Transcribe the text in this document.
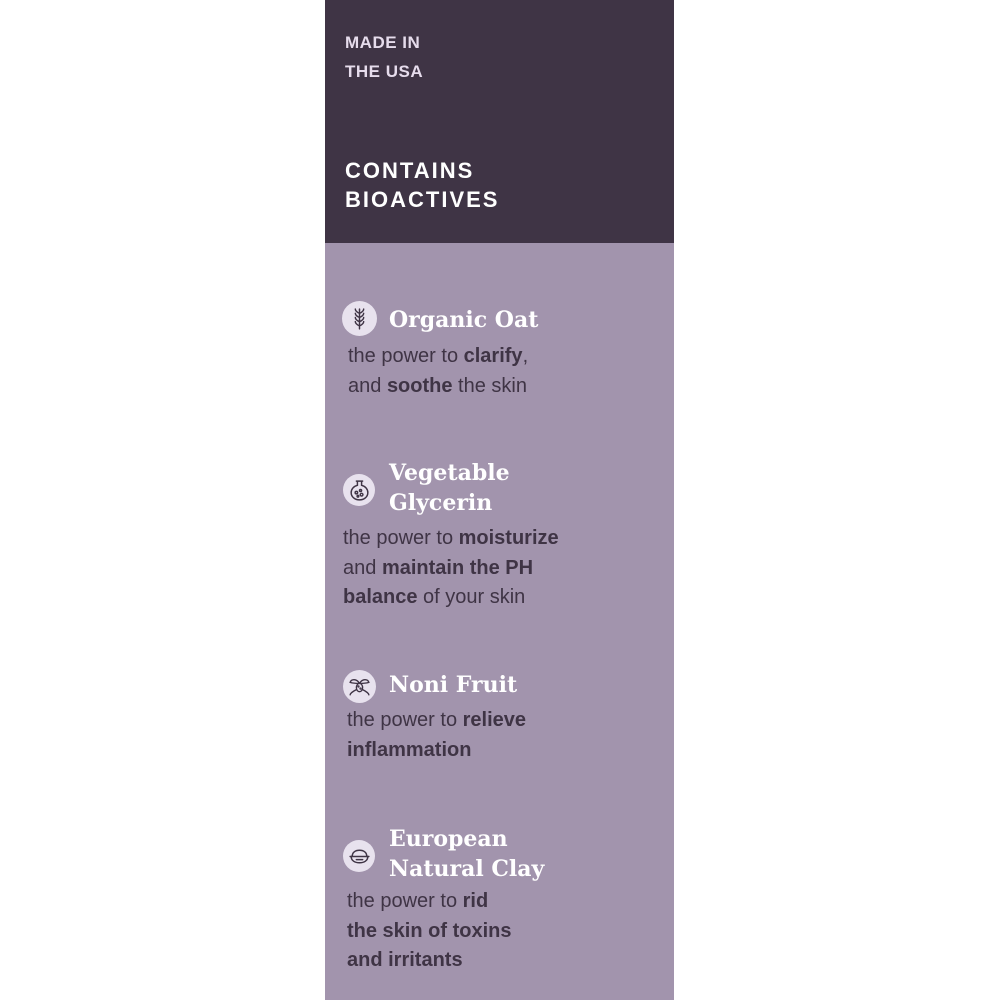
MADE IN
THE USA

CONTAINS
BIOACTIVES

Organic Oat

the power to clarify,
and soothe the skin

Vegetable
Glycerin

the power to moisturize
and maintain the PH
balance of your skin

Noni Fruit

the power to relieve
inflammation

European
Natural Clay

the power to rid
the skin of toxins
and irritants
